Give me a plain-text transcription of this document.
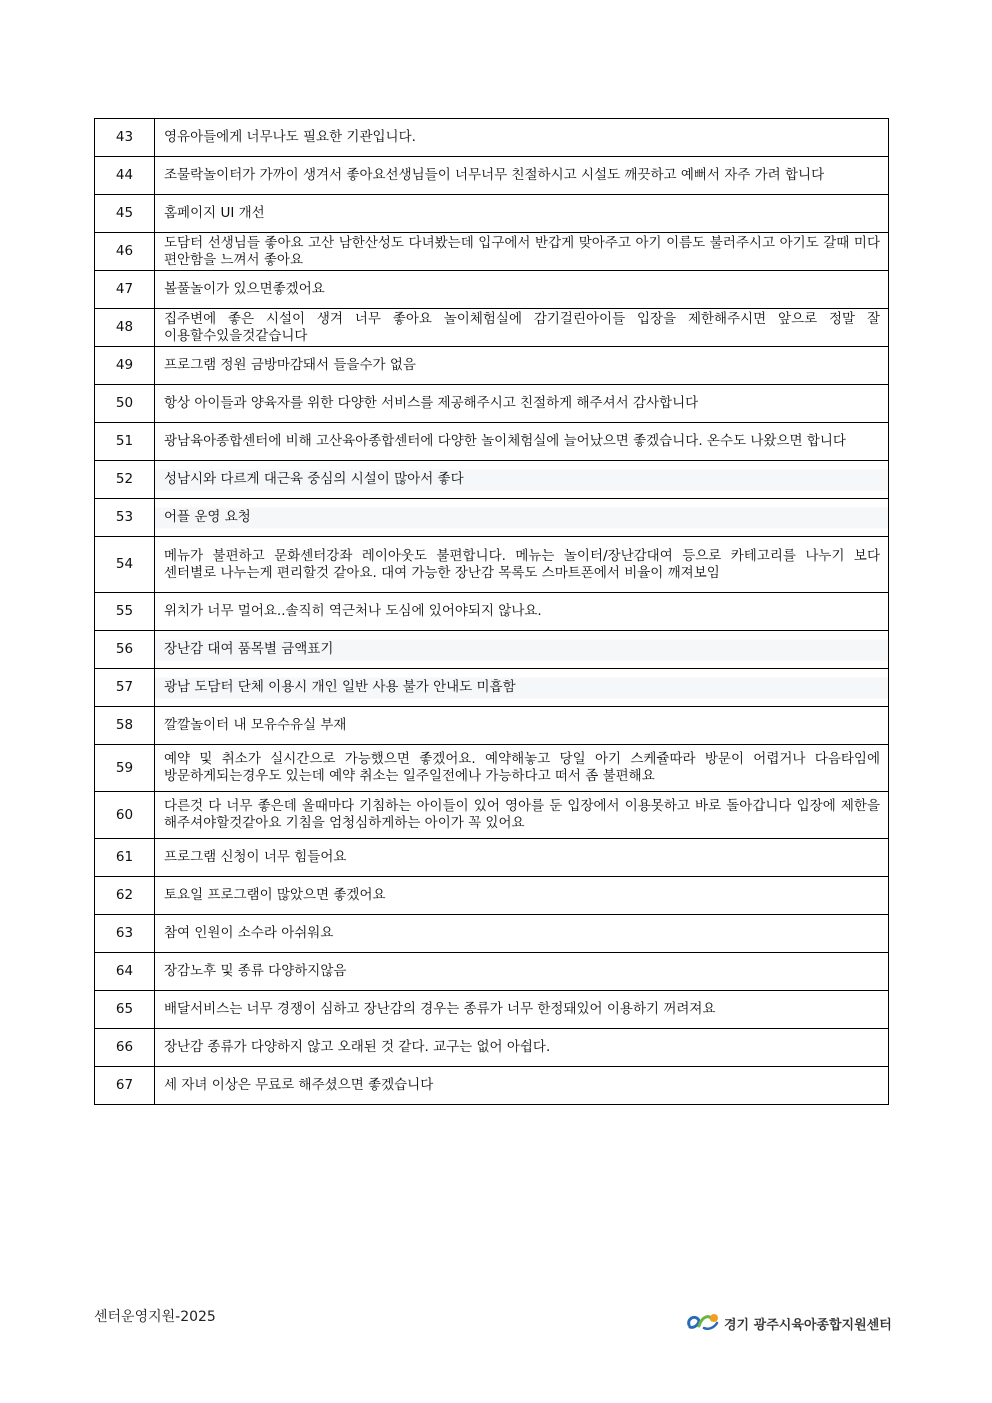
43	영유아들에게 너무나도 필요한 기관입니다.
44	조물락놀이터가 가까이 생겨서 좋아요선생님들이 너무너무 친절하시고 시설도 깨끗하고 예뻐서 자주 가려 합니다
45	홈페이지 UI 개선
46	도담터 선생님들 좋아요 고산 남한산성도 다녀봤는데 입구에서 반갑게 맞아주고 아기 이름도 불러주시고 아기도 갈때 미다 편안함을 느껴서 좋아요
47	볼풀놀이가 있으면좋겠어요
48	집주변에 좋은 시설이 생겨 너무 좋아요 놀이체험실에 감기걸린아이들 입장을 제한해주시면 앞으로 정말 잘 이용할수있을것같습니다
49	프로그램 정원 금방마감돼서 들을수가 없음
50	항상 아이들과 양육자를 위한 다양한 서비스를 제공해주시고 친절하게 해주셔서 감사합니다
51	광남육아종합센터에 비해 고산육아종합센터에 다양한 놀이체험실에 늘어났으면 좋겠습니다. 온수도 나왔으면 합니다
52	성남시와 다르게 대근육 중심의 시설이 많아서 좋다
53	어플 운영 요청
54	메뉴가 불편하고 문화센터강좌 레이아웃도 불편합니다. 메뉴는 놀이터/장난감대여 등으로 카테고리를 나누기 보다 센터별로 나누는게 편리할것 같아요. 대여 가능한 장난감 목록도 스마트폰에서 비율이 깨져보임
55	위치가 너무 멀어요..솔직히 역근처나 도심에 있어야되지 않나요.
56	장난감 대여 품목별 금액표기
57	광남 도담터 단체 이용시 개인 일반 사용 불가 안내도 미흡함
58	깔깔놀이터 내 모유수유실 부재
59	예약 및 취소가 실시간으로 가능했으면 좋겠어요. 예약해놓고 당일 아기 스케쥴따라 방문이 어렵거나 다음타임에 방문하게되는경우도 있는데 예약 취소는 일주일전에나 가능하다고 떠서 좀 불편해요
60	다른것 다 너무 좋은데 올때마다 기침하는 아이들이 있어 영아를 둔 입장에서 이용못하고 바로 돌아갑니다 입장에 제한을 해주셔야할것같아요 기침을 엄청심하게하는 아이가 꼭 있어요
61	프로그램 신청이 너무 힘들어요
62	토요일 프로그램이 많았으면 좋겠어요
63	참여 인원이 소수라 아쉬워요
64	장감노후 및 종류 다양하지않음
65	배달서비스는 너무 경쟁이 심하고 장난감의 경우는 종류가 너무 한정돼있어 이용하기 꺼려져요
66	장난감 종류가 다양하지 않고 오래된 것 같다. 교구는 없어 아쉽다.
67	세 자녀 이상은 무료로 해주셨으면 좋겠습니다
센터운영지원-2025	경기 광주시육아종합지원센터
